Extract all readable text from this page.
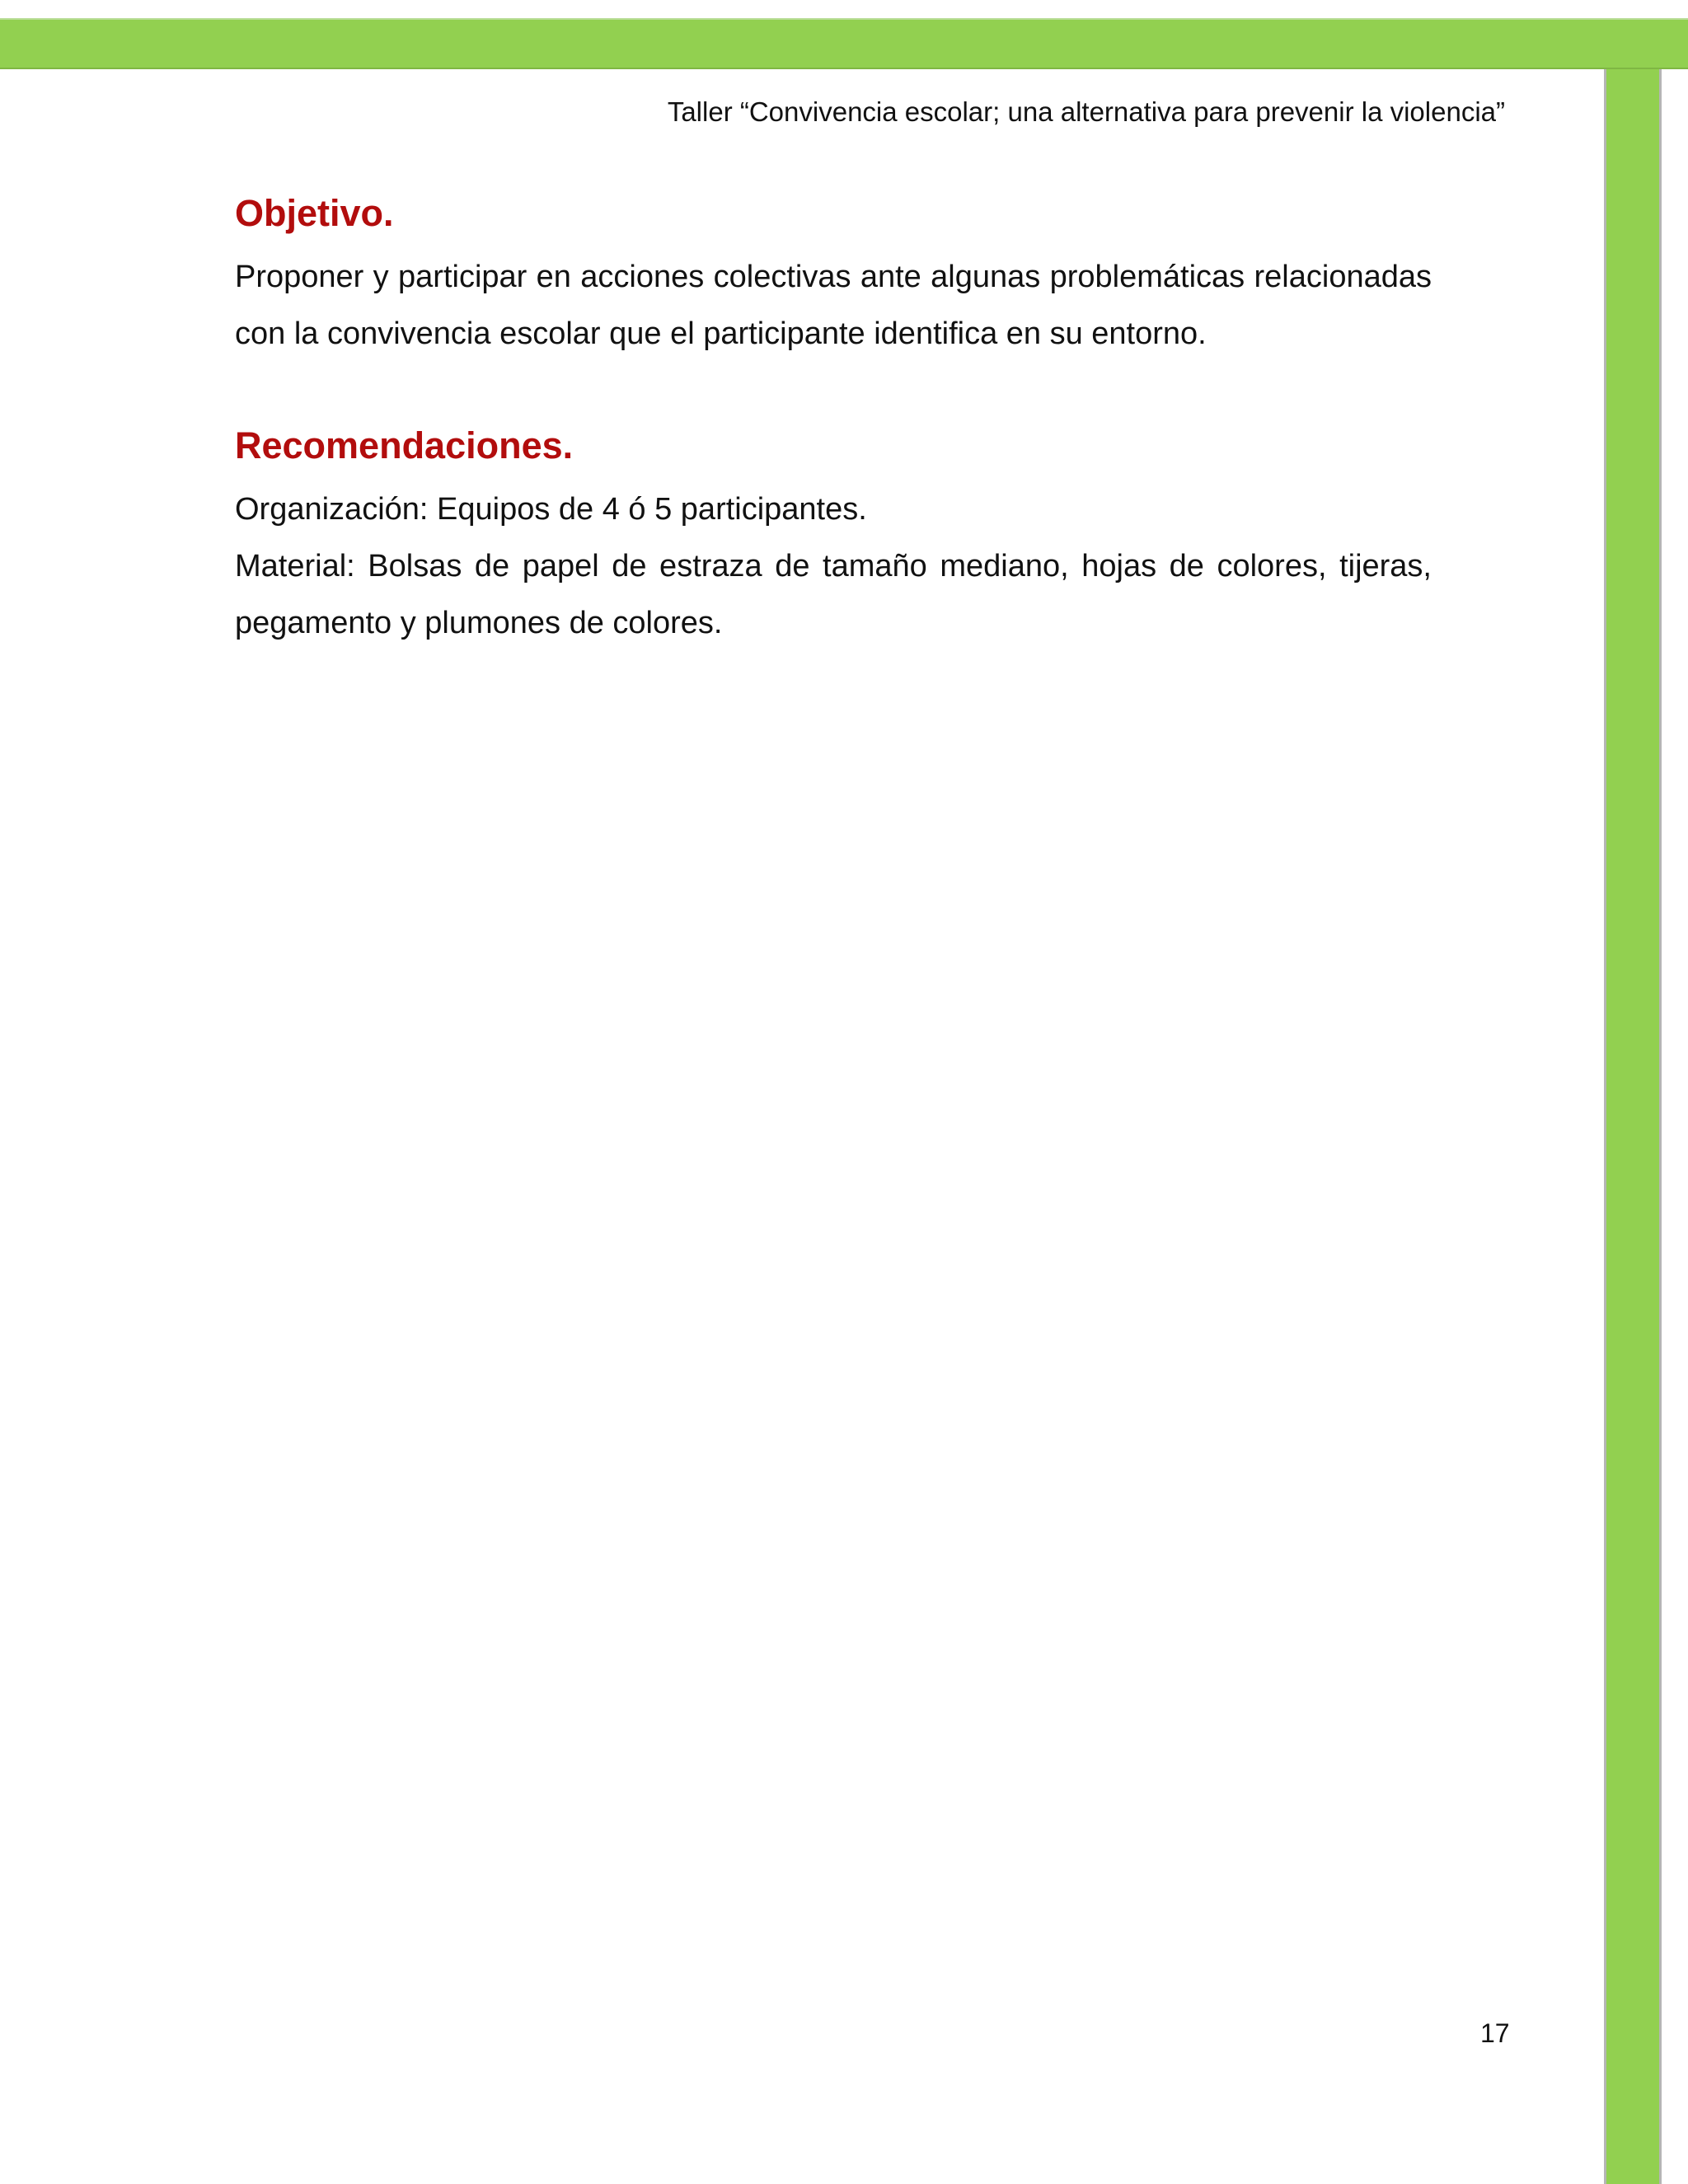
Taller “Convivencia escolar; una alternativa para prevenir la violencia”
Objetivo.

Proponer y participar en acciones colectivas ante algunas problemáticas relacionadas con la convivencia escolar que el participante identifica en su entorno.

Recomendaciones.

Organización: Equipos de 4 ó 5 participantes.

Material: Bolsas de papel de estraza de tamaño mediano, hojas de colores, tijeras, pegamento y plumones de colores.

17
